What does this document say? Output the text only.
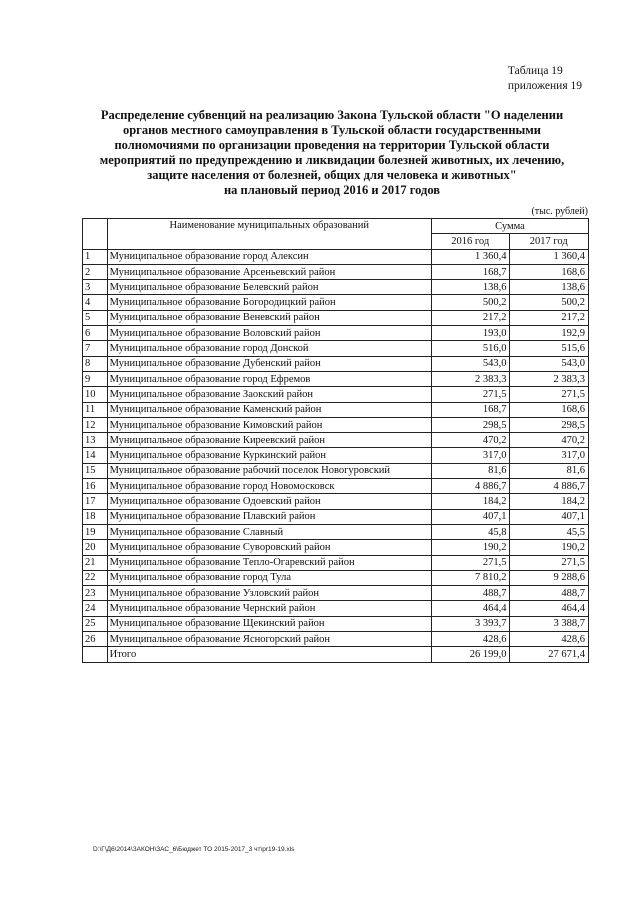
Таблица 19
приложения 19
Распределение субвенций на реализацию Закона Тульской области "О наделении
органов местного самоуправления в Тульской области государственными
полномочиями по организации проведения на территории Тульской области
мероприятий по предупреждению и ликвидации болезней животных, их лечению,
защите населения от болезней, общих для человека и животных"
на плановый период 2016 и 2017 годов
(тыс. рублей)
	Наименование муниципальных образований	Сумма	
		2016 год	2017 год
1	Муниципальное образование город Алексин	1 360,4	1 360,4
2	Муниципальное образование Арсеньевский район	168,7	168,6
3	Муниципальное образование Белевский район	138,6	138,6
4	Муниципальное образование Богородицкий район	500,2	500,2
5	Муниципальное образование Веневский район	217,2	217,2
6	Муниципальное образование Воловский район	193,0	192,9
7	Муниципальное образование город Донской	516,0	515,6
8	Муниципальное образование Дубенский район	543,0	543,0
9	Муниципальное образование город Ефремов	2 383,3	2 383,3
10	Муниципальное образование Заокский район	271,5	271,5
11	Муниципальное образование Каменский район	168,7	168,6
12	Муниципальное образование Кимовский район	298,5	298,5
13	Муниципальное образование Киреевский район	470,2	470,2
14	Муниципальное образование Куркинский район	317,0	317,0
15	Муниципальное образование рабочий поселок Новогуровский	81,6	81,6
16	Муниципальное образование город Новомосковск	4 886,7	4 886,7
17	Муниципальное образование Одоевский район	184,2	184,2
18	Муниципальное образование Плавский район	407,1	407,1
19	Муниципальное образование Славный	45,8	45,5
20	Муниципальное образование Суворовский район	190,2	190,2
21	Муниципальное образование Тепло-Огаревский район	271,5	271,5
22	Муниципальное образование город Тула	7 810,2	9 288,6
23	Муниципальное образование Узловский район	488,7	488,7
24	Муниципальное образование Чернский район	464,4	464,4
25	Муниципальное образование Щекинский район	3 393,7	3 388,7
26	Муниципальное образование Ясногорский район	428,6	428,6
	Итого	26 199,0	27 671,4
D:\Г\Д6\2014\ЗАКОН\ЗАС_6\Бюджет ТО 2015-2017_3 чт\pr19-19.xls
